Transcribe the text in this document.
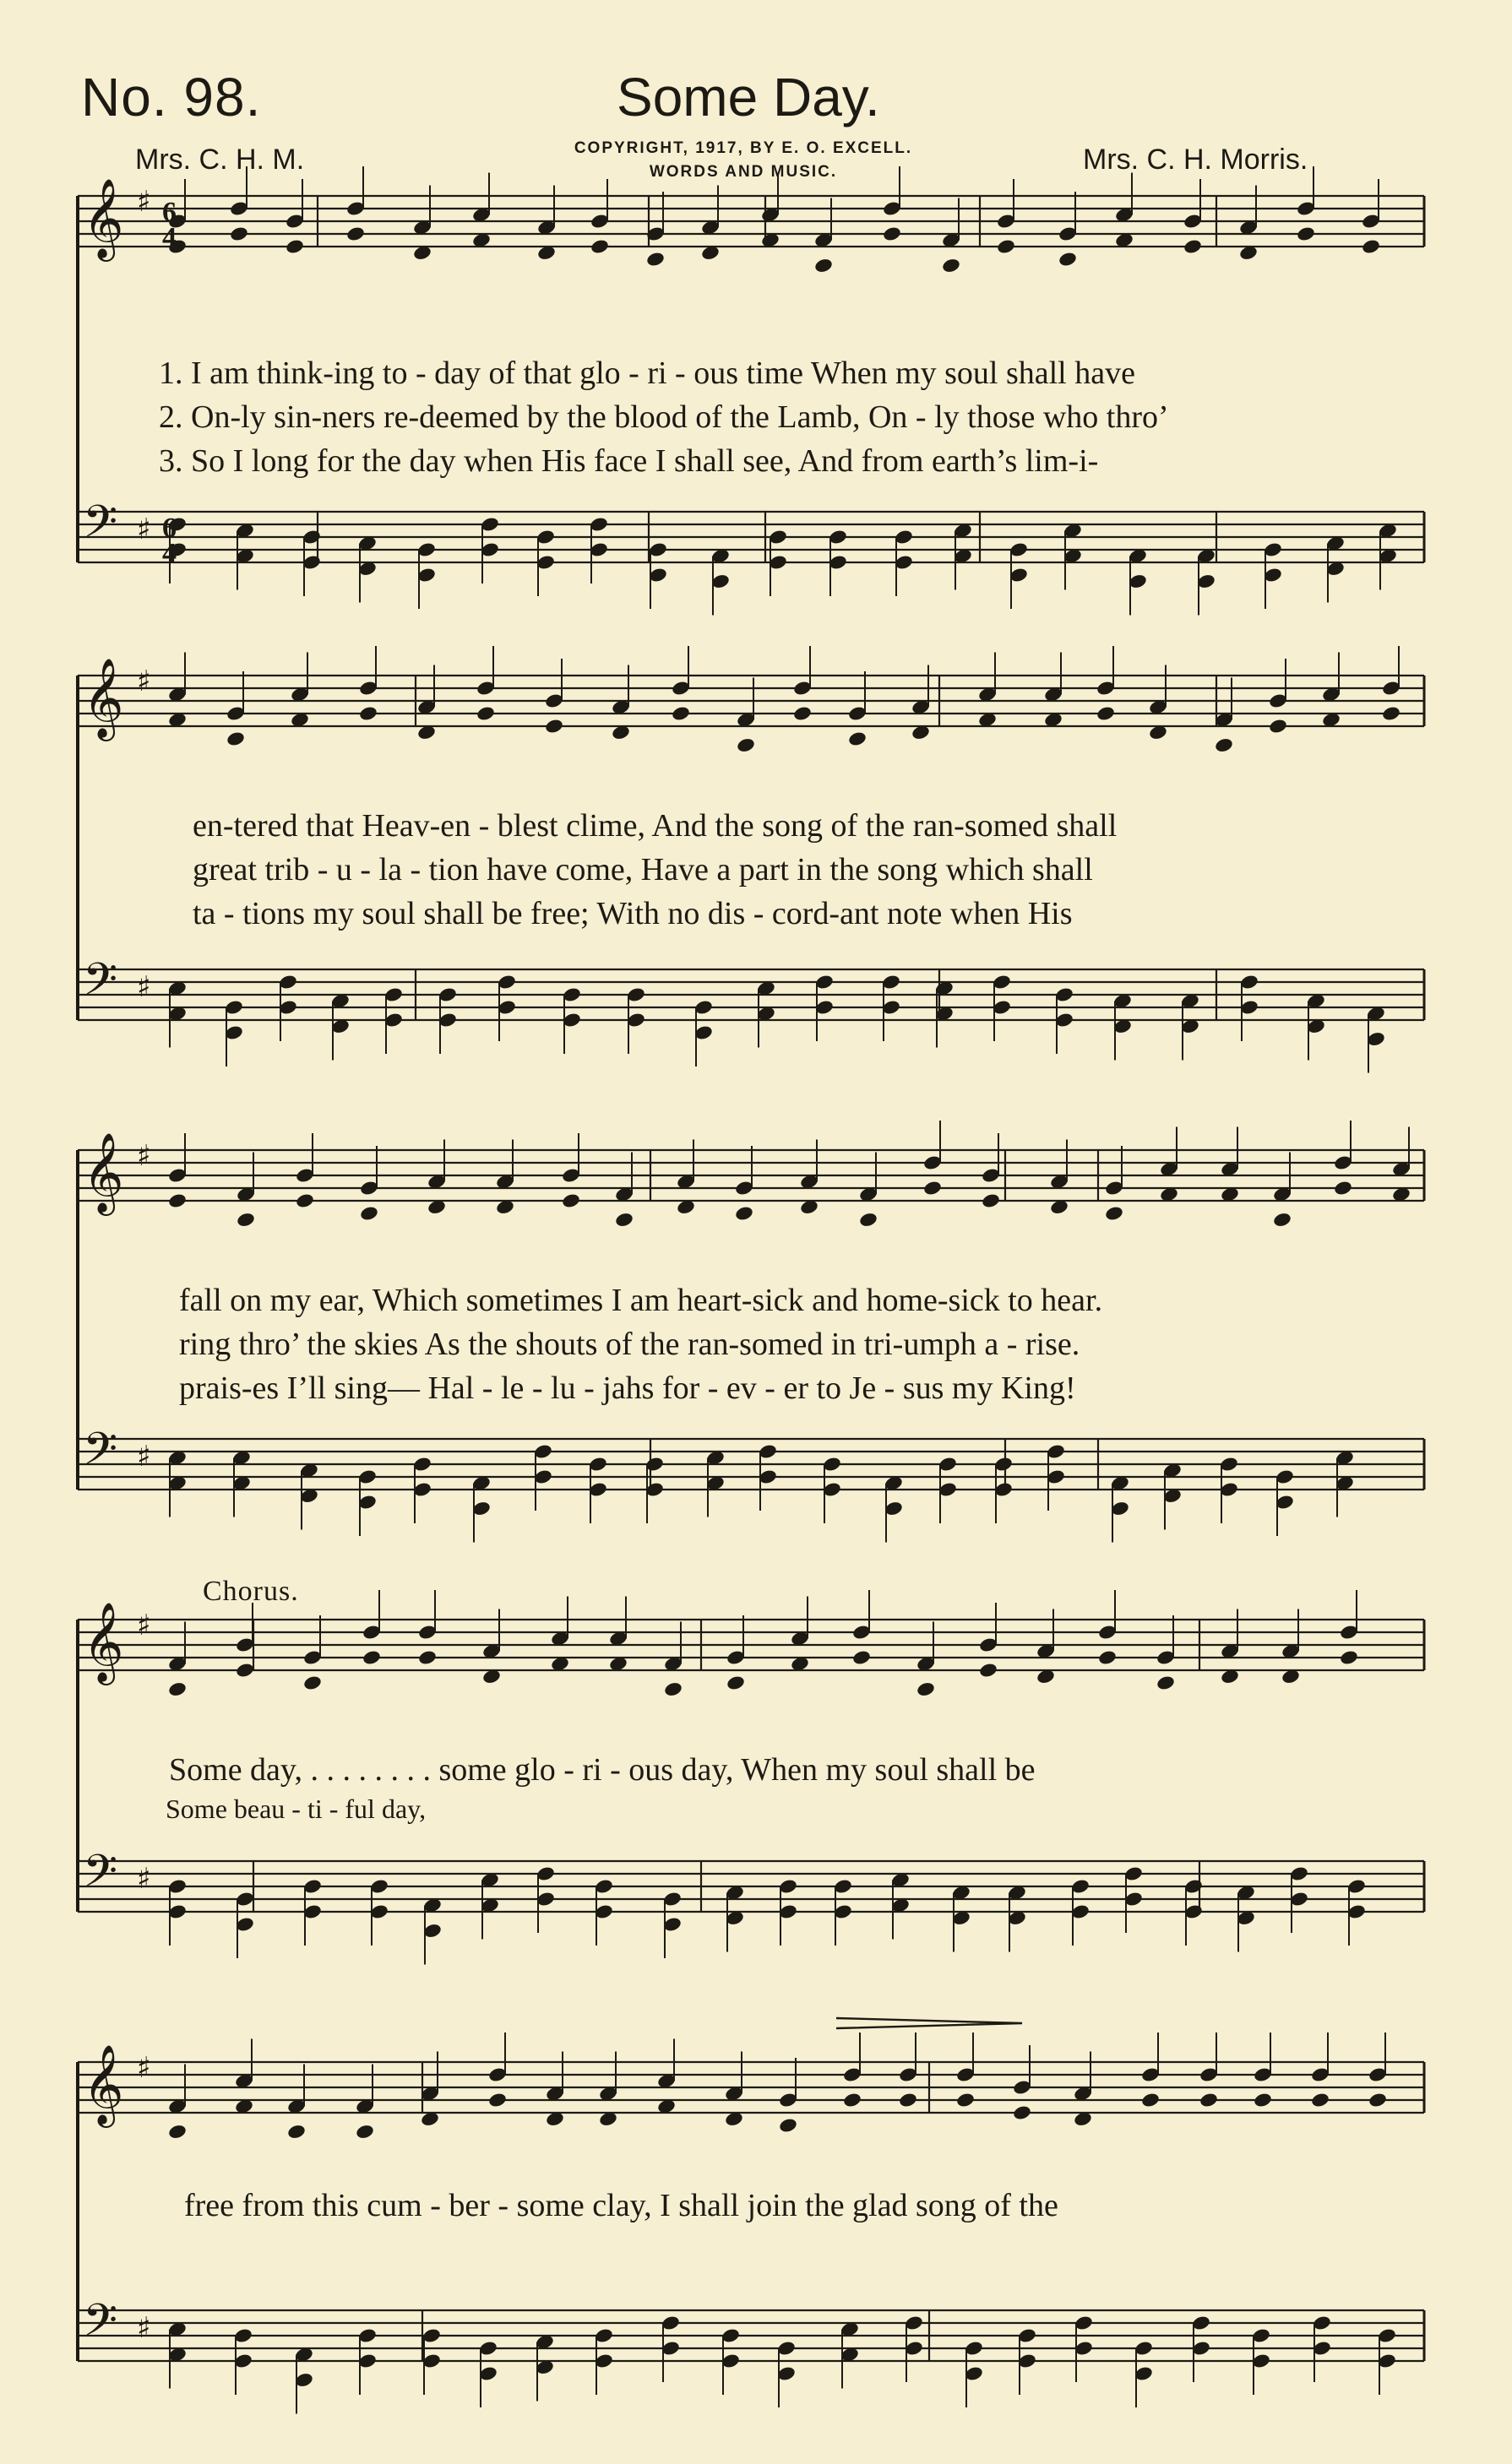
No. 98.	Some Day.
Mrs. C. H. M.	COPYRIGHT, 1917, BY E. O. EXCELL.
WORDS AND MUSIC.	Mrs. C. H. Morris.
𝄞 ♯
𝄢 ♯
𝄞 ♯
𝄢 ♯
𝄞 ♯
𝄢 ♯
𝄞 ♯
𝄢 ♯
𝄞 ♯
𝄢 ♯
6
4
6
4
1. I am think-ing to - day of that glo - ri - ous time When my soul shall have
2. On-ly sin-ners re-deemed by the blood of the Lamb, On - ly those who thro’
3. So I long for the day when His face I shall see, And from earth’s lim-i-
en-tered that Heav-en - blest clime, And the song of the ran-somed shall
great trib - u - la - tion have come, Have a part in the song which shall
ta - tions my soul shall be free; With no dis - cord-ant note when His
fall on my ear, Which sometimes I am heart-sick and home-sick to hear.
ring thro’ the skies As the shouts of the ran-somed in tri-umph a - rise.
prais-es I’ll sing— Hal - le - lu - jahs for - ev - er to Je - sus my King!
Chorus.
Some day, . . . . . . . . some glo - ri - ous day, When my soul shall be
Some beau - ti - ful day,
free from this cum - ber - some clay, I shall join the glad song of the
